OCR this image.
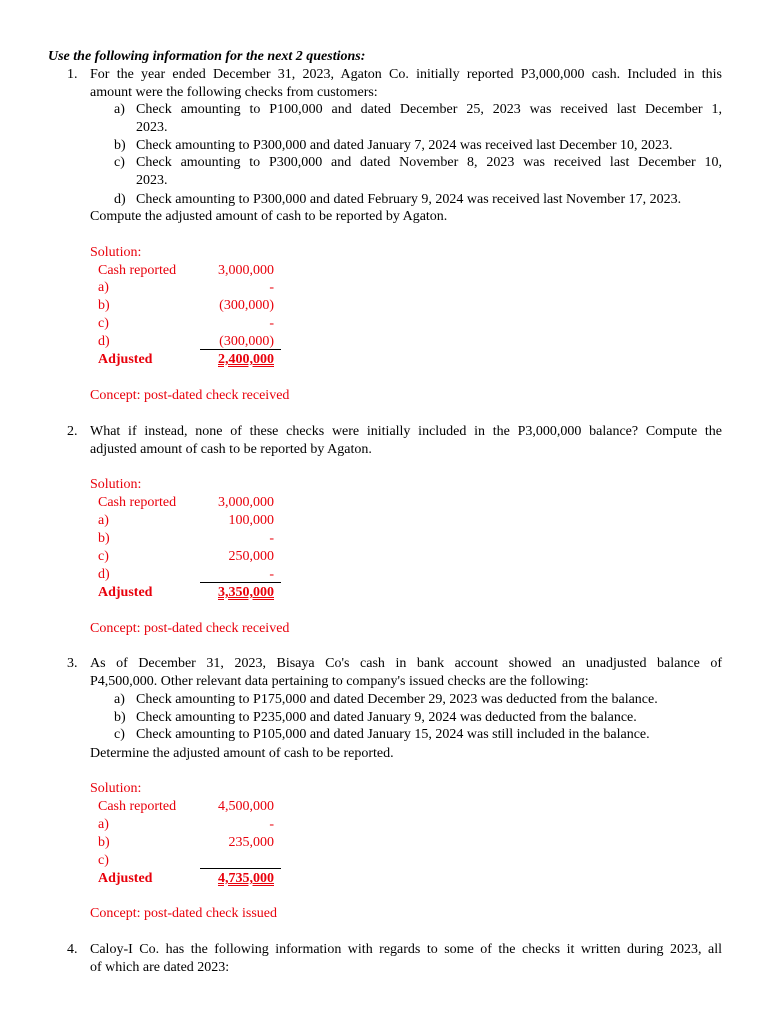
Use the following information for the next 2 questions:
1. For the year ended December 31, 2023, Agaton Co. initially reported P3,000,000 cash. Included in this
amount were the following checks from customers:
a) Check amounting to P100,000 and dated December 25, 2023 was received last December 1,
2023.
b) Check amounting to P300,000 and dated January 7, 2024 was received last December 10, 2023.
c) Check amounting to P300,000 and dated November 8, 2023 was received last December 10,
2023.
d) Check amounting to P300,000 and dated February 9, 2024 was received last November 17, 2023.
Compute the adjusted amount of cash to be reported by Agaton.
Solution:
Cash reported	3,000,000
a)	-
b)	(300,000)
c)	-
d)	(300,000)
Adjusted	2,400,000
Concept: post-dated check received
2. What if instead, none of these checks were initially included in the P3,000,000 balance? Compute the
adjusted amount of cash to be reported by Agaton.
Solution:
Cash reported	3,000,000
a)	100,000
b)	-
c)	250,000
d)	-
Adjusted	3,350,000
Concept: post-dated check received
3. As of December 31, 2023, Bisaya Co's cash in bank account showed an unadjusted balance of
P4,500,000. Other relevant data pertaining to company's issued checks are the following:
a) Check amounting to P175,000 and dated December 29, 2023 was deducted from the balance.
b) Check amounting to P235,000 and dated January 9, 2024 was deducted from the balance.
c) Check amounting to P105,000 and dated January 15, 2024 was still included in the balance.
Determine the adjusted amount of cash to be reported.
Solution:
Cash reported	4,500,000
a)	-
b)	235,000
c)
Adjusted	4,735,000
Concept: post-dated check issued
4. Caloy-I Co. has the following information with regards to some of the checks it written during 2023, all
of which are dated 2023:
